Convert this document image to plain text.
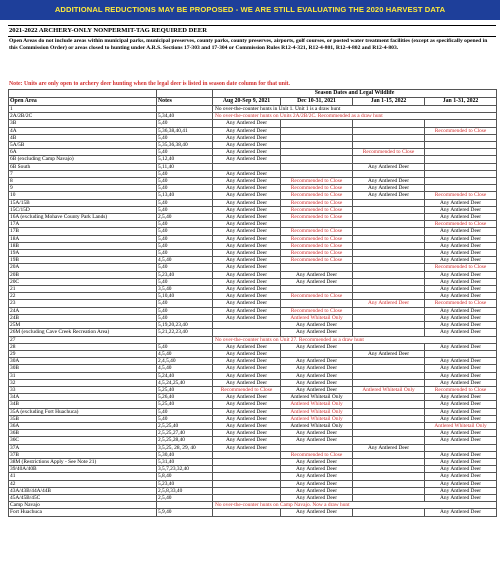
ADDITIONAL REDUCTIONS MAY BE PROPOSED - WE ARE STILL EVALUATING THE 2020 HARVEST DATA
2021-2022 ARCHERY-ONLY NONPERMIT-TAG REQUIRED DEER
Open Areas do not include areas within municipal parks, municipal preserves, county parks, county preserves, airports, golf courses, or posted water treatment facilities (except as specifically opened in this Commission Order) or areas closed to hunting under A.R.S. Sections 17-303 and 17-304 or Commission Rules R12-4-321, R12-4-801, R12-4-802 and R12-4-803.
Note: Units are only open to archery deer hunting when the legal deer is listed in season date column for that unit.
		Season Dates and Legal Wildlife			
Open Area	Notes	Aug 20-Sep 9, 2021	Dec 10-31, 2021	Jan 1-15, 2022	Jan 1-31, 2022
1		No over-the-counter hunts in Unit 1. Unit 1 is a draw hunt			
2A/2B/2C	5,34,40	No over-the-counter hunts on Units 2A/2B/2C. Recommended as a draw hunt			
3B	5,40	Any Antlered Deer			
4A	5,36,38,40,41	Any Antlered Deer			Recommended to Close
4B	5,40	Any Antlered Deer			
5A/5B	5,35,36,38,40	Any Antlered Deer			
6A	5,40	Any Antlered Deer		Recommended to Close	
6B (excluding Camp Navajo)	5,12,40	Any Antlered Deer			
6B South	5,11,40			Any Antlered Deer	
7	5,40	Any Antlered Deer			
8	5,40	Any Antlered Deer	Recommended to Close	Any Antlered Deer	
9	5,40	Any Antlered Deer	Recommended to Close	Any Antlered Deer	
10	5,13,40	Any Antlered Deer	Recommended to Close	Any Antlered Deer	Recommended to Close
15A/15B	5,40	Any Antlered Deer	Recommended to Close		Any Antlered Deer
15C/15D	5,40	Any Antlered Deer	Recommended to Close		Any Antlered Deer
16A (excluding Mohave County Park Lands)	2,5,40	Any Antlered Deer	Recommended to Close		Any Antlered Deer
17A	5,40	Any Antlered Deer			Recommended to Close
17B	5,40	Any Antlered Deer	Recommended to Close		Any Antlered Deer
18A	5,40	Any Antlered Deer	Recommended to Close		Any Antlered Deer
18B	5,40	Any Antlered Deer	Recommended to Close		Any Antlered Deer
19A	5,40	Any Antlered Deer	Recommended to Close		Any Antlered Deer
19B	4,5,40	Any Antlered Deer	Recommended to Close		Any Antlered Deer
20A	5,40	Any Antlered Deer			Recommended to Close
20B	5,23,40	Any Antlered Deer	Any Antlered Deer		Any Antlered Deer
20C	5,40	Any Antlered Deer	Any Antlered Deer		Any Antlered Deer
21	3,5,40	Any Antlered Deer			Any Antlered Deer
22	5,10,40	Any Antlered Deer	Recommended to Close		Any Antlered Deer
23	5,40	Any Antlered Deer		Any Antlered Deer	Recommended to Close
24A	5,40	Any Antlered Deer	Recommended to Close		Any Antlered Deer
24B	5,40	Any Antlered Deer	Antlered Whitetail Only		Any Antlered Deer
25M	5,19,20,23,40		Any Antlered Deer		Any Antlered Deer
26M (excluding Cave Creek Recreation Area)	5,21,22,23,40		Any Antlered Deer		Any Antlered Deer
27		No over-the-counter hunts on Unit 27. Recommended as a draw hunt			
28	5,40	Any Antlered Deer	Any Antlered Deer		Any Antlered Deer
29	4,5,40	Any Antlered Deer		Any Antlered Deer	
30A	2,4,5,40	Any Antlered Deer	Any Antlered Deer		Any Antlered Deer
30B	4,5,40	Any Antlered Deer	Any Antlered Deer		Any Antlered Deer
31	5,24,40	Any Antlered Deer	Any Antlered Deer		Any Antlered Deer
32	4,5,24,25,40	Any Antlered Deer	Any Antlered Deer		Any Antlered Deer
33	5,25,40	Recommended to Close	Any Antlered Deer	Antlered Whitetail Only	Recommended to Close
34A	5,26,40	Any Antlered Deer	Antlered Whitetail Only		Any Antlered Deer
34B	5,25,40	Any Antlered Deer	Antlered Whitetail Only		Any Antlered Deer
35A (excluding Fort Huachuca)	5,40	Any Antlered Deer	Antlered Whitetail Only		Any Antlered Deer
35B	5,40	Any Antlered Deer	Antlered Whitetail Only		Any Antlered Deer
36A	2,5,25,40	Any Antlered Deer	Antlered Whitetail Only		Antlered Whitetail Only
36B	2,5,25,27,40	Any Antlered Deer	Any Antlered Deer		Any Antlered Deer
36C	2,5,25,28,40	Any Antlered Deer	Any Antlered Deer		Any Antlered Deer
37A	3,5,25, 28, 29, 40	Any Antlered Deer		Any Antlered Deer	
37B	5,30,40		Recommended to Close		Any Antlered Deer
38M (Restrictions Apply - See Note 21)	5,31,40		Any Antlered Deer		Any Antlered Deer
39/40A/40B	3,5,7,23,32,40		Any Antlered Deer		Any Antlered Deer
41	5,8,40		Any Antlered Deer		Any Antlered Deer
42	5,23,40		Any Antlered Deer		Any Antlered Deer
43A/43B/44A/44B	2,5,8,33,40		Any Antlered Deer		Any Antlered Deer
45A/45B/45C	2,5,40		Any Antlered Deer		Any Antlered Deer
Camp Navajo		No over-the-counter hunts on Camp Navajo. Now a draw hunt			
Fort Huachuca	5,9,40		Any Antlered Deer		Any Antlered Deer
